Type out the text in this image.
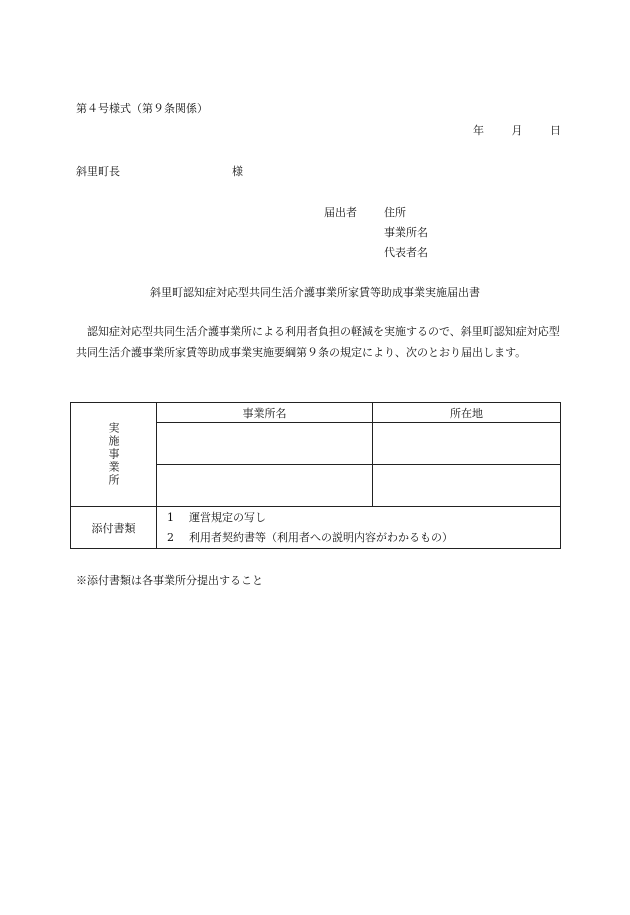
第４号様式（第９条関係）
年	月	日
斜里町長	様
届出者 住所
事業所名
代表者名
斜里町認知症対応型共同生活介護事業所家賃等助成事業実施届出書
認知症対応型共同生活介護事業所による利用者負担の軽減を実施するので、斜里町認知症対応型共同生活介護事業所家賃等助成事業実施要綱第９条の規定により、次のとおり届出します。
実施事業所	事業所名	所在地

添付書類	1 運営規定の写し
2 利用者契約書等（利用者への説明内容がわかるもの）	
※添付書類は各事業所分提出すること
